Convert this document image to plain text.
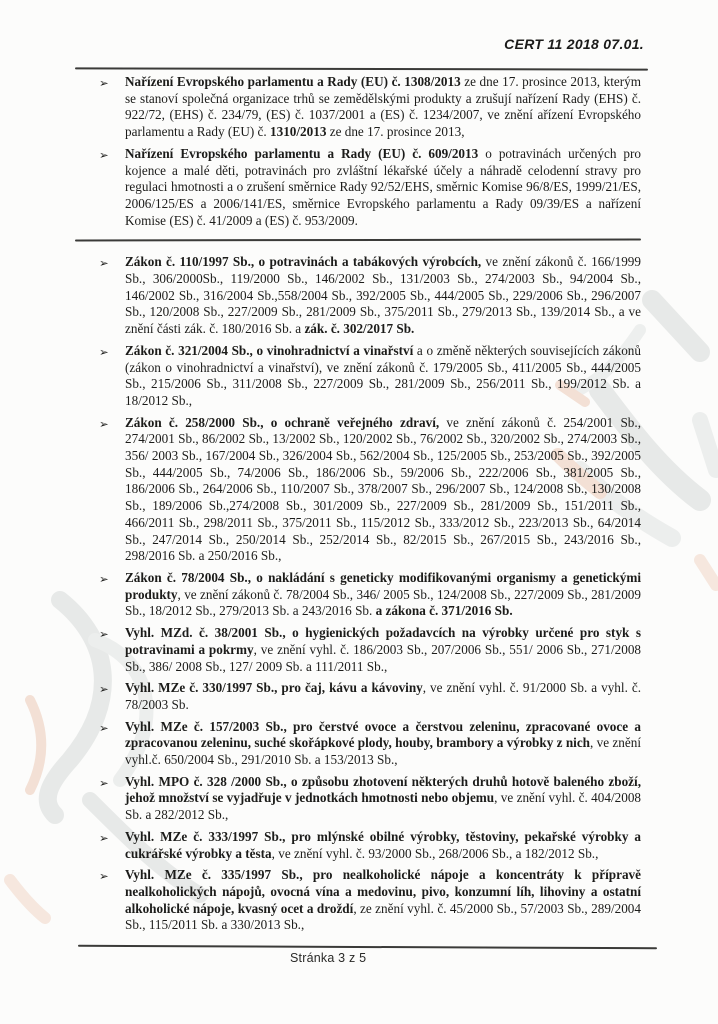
CERT 11 2018 07.01.
➢ Nařízení Evropského parlamentu a Rady (EU) č. 1308/2013 ze dne 17. prosince 2013, kterým se stanoví společná organizace trhů se zemědělskými produkty a zrušují nařízení Rady (EHS) č. 922/72, (EHS) č. 234/79, (ES) č. 1037/2001 a (ES) č. 1234/2007, ve znění ařízení Evropského parlamentu a Rady (EU) č. 1310/2013 ze dne 17. prosince 2013,

➢ Nařízení Evropského parlamentu a Rady (EU) č. 609/2013 o potravinách určených pro kojence a malé děti, potravinách pro zvláštní lékařské účely a náhradě celodenní stravy pro regulaci hmotnosti a o zrušení směrnice Rady 92/52/EHS, směrnic Komise 96/8/ES, 1999/21/ES, 2006/125/ES a 2006/141/ES, směrnice Evropského parlamentu a Rady 09/39/ES a nařízení Komise (ES) č. 41/2009 a (ES) č. 953/2009.

➢ Zákon č. 110/1997 Sb., o potravinách a tabákových výrobcích, ve znění zákonů č. 166/1999 Sb., 306/2000Sb., 119/2000 Sb., 146/2002 Sb., 131/2003 Sb., 274/2003 Sb., 94/2004 Sb., 146/2002 Sb., 316/2004 Sb.,558/2004 Sb., 392/2005 Sb., 444/2005 Sb., 229/2006 Sb., 296/2007 Sb., 120/2008 Sb., 227/2009 Sb., 281/2009 Sb., 375/2011 Sb., 279/2013 Sb., 139/2014 Sb., a ve znění části zák. č. 180/2016 Sb. a zák. č. 302/2017 Sb.

➢ Zákon č. 321/2004 Sb., o vinohradnictví a vinařství a o změně některých souvisejících zákonů (zákon o vinohradnictví a vinařství), ve znění zákonů č. 179/2005 Sb., 411/2005 Sb., 444/2005 Sb., 215/2006 Sb., 311/2008 Sb., 227/2009 Sb., 281/2009 Sb., 256/2011 Sb., 199/2012 Sb. a 18/2012 Sb.,

➢ Zákon č. 258/2000 Sb., o ochraně veřejného zdraví, ve znění zákonů č. 254/2001 Sb., 274/2001 Sb., 86/2002 Sb., 13/2002 Sb., 120/2002 Sb., 76/2002 Sb., 320/2002 Sb., 274/2003 Sb., 356/ 2003 Sb., 167/2004 Sb., 326/2004 Sb., 562/2004 Sb., 125/2005 Sb., 253/2005 Sb., 392/2005 Sb., 444/2005 Sb., 74/2006 Sb., 186/2006 Sb., 59/2006 Sb., 222/2006 Sb., 381/2005 Sb., 186/2006 Sb., 264/2006 Sb., 110/2007 Sb., 378/2007 Sb., 296/2007 Sb., 124/2008 Sb., 130/2008 Sb., 189/2006 Sb.,274/2008 Sb., 301/2009 Sb., 227/2009 Sb., 281/2009 Sb., 151/2011 Sb., 466/2011 Sb., 298/2011 Sb., 375/2011 Sb., 115/2012 Sb., 333/2012 Sb., 223/2013 Sb., 64/2014 Sb., 247/2014 Sb., 250/2014 Sb., 252/2014 Sb., 82/2015 Sb., 267/2015 Sb., 243/2016 Sb., 298/2016 Sb. a 250/2016 Sb.,

➢ Zákon č. 78/2004 Sb., o nakládání s geneticky modifikovanými organismy a genetickými produkty, ve znění zákonů č. 78/2004 Sb., 346/ 2005 Sb., 124/2008 Sb., 227/2009 Sb., 281/2009 Sb., 18/2012 Sb., 279/2013 Sb. a 243/2016 Sb. a zákona č. 371/2016 Sb.

➢ Vyhl. MZd. č. 38/2001 Sb., o hygienických požadavcích na výrobky určené pro styk s potravinami a pokrmy, ve znění vyhl. č. 186/2003 Sb., 207/2006 Sb., 551/ 2006 Sb., 271/2008 Sb., 386/ 2008 Sb., 127/ 2009 Sb. a 111/2011 Sb.,

➢ Vyhl. MZe č. 330/1997 Sb., pro čaj, kávu a kávoviny, ve znění vyhl. č. 91/2000 Sb. a vyhl. č. 78/2003 Sb.

➢ Vyhl. MZe č. 157/2003 Sb., pro čerstvé ovoce a čerstvou zeleninu, zpracované ovoce a zpracovanou zeleninu, suché skořápkové plody, houby, brambory a výrobky z nich, ve znění vyhl.č. 650/2004 Sb., 291/2010 Sb. a 153/2013 Sb.,

➢ Vyhl. MPO č. 328 /2000 Sb., o způsobu zhotovení některých druhů hotově baleného zboží, jehož množství se vyjadřuje v jednotkách hmotnosti nebo objemu, ve znění vyhl. č. 404/2008 Sb. a 282/2012 Sb.,

➢ Vyhl. MZe č. 333/1997 Sb., pro mlýnské obilné výrobky, těstoviny, pekařské výrobky a cukrářské výrobky a těsta, ve znění vyhl. č. 93/2000 Sb., 268/2006 Sb., a 182/2012 Sb.,

➢ Vyhl. MZe č. 335/1997 Sb., pro nealkoholické nápoje a koncentráty k přípravě nealkoholických nápojů, ovocná vína a medovinu, pivo, konzumní líh, lihoviny a ostatní alkoholické nápoje, kvasný ocet a droždí, ze znění vyhl. č. 45/2000 Sb., 57/2003 Sb., 289/2004 Sb., 115/2011 Sb. a 330/2013 Sb.,

Stránka 3 z 5
